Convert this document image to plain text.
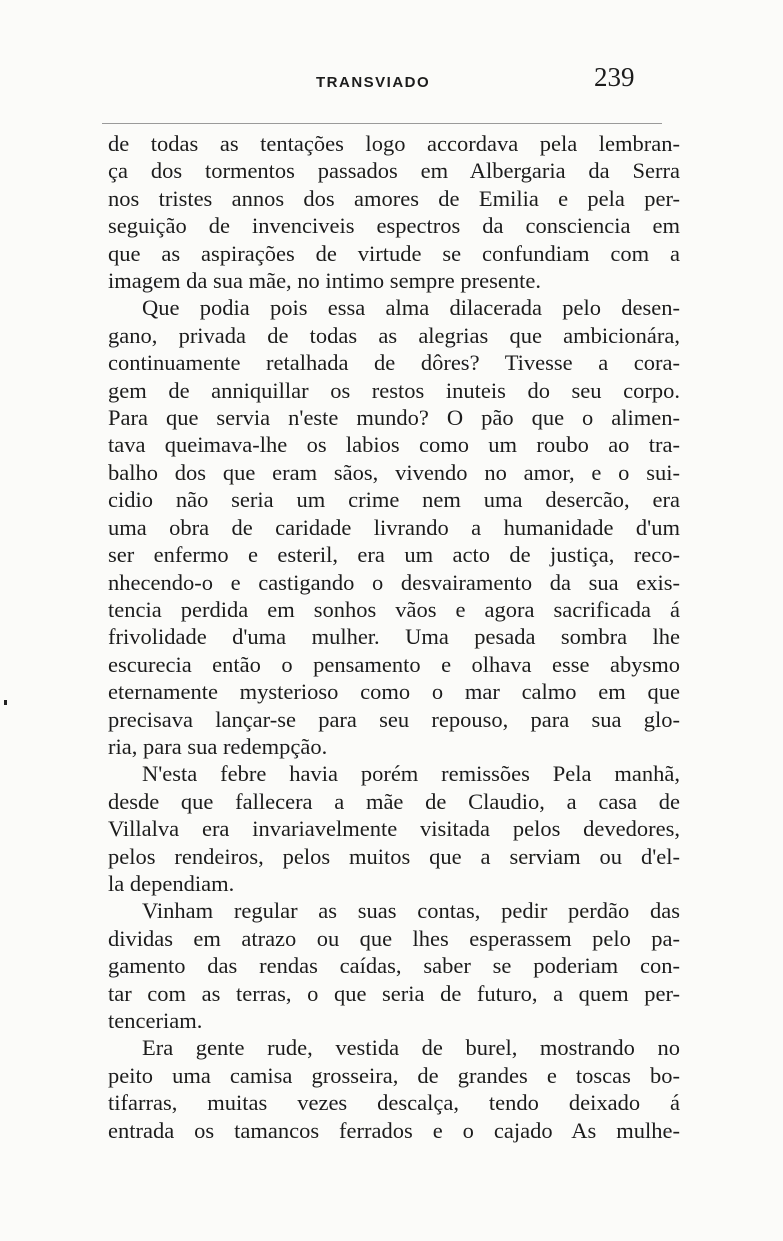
TRANSVIADO	239
de todas as tentações logo accordava pela lembran-
ça dos tormentos passados em Albergaria da Serra
nos tristes annos dos amores de Emilia e pela per-
seguição de invenciveis espectros da consciencia em
que as aspirações de virtude se confundiam com a
imagem da sua mãe, no intimo sempre presente.
Que podia pois essa alma dilacerada pelo desen-
gano, privada de todas as alegrias que ambicionára,
continuamente retalhada de dôres? Tivesse a cora-
gem de anniquillar os restos inuteis do seu corpo.
Para que servia n'este mundo? O pão que o alimen-
tava queimava-lhe os labios como um roubo ao tra-
balho dos que eram sãos, vivendo no amor, e o sui-
cidio não seria um crime nem uma desercão, era
uma obra de caridade livrando a humanidade d'um
ser enfermo e esteril, era um acto de justiça, reco-
nhecendo-o e castigando o desvairamento da sua exis-
tencia perdida em sonhos vãos e agora sacrificada á
frivolidade d'uma mulher. Uma pesada sombra lhe
escurecia então o pensamento e olhava esse abysmo
eternamente mysterioso como o mar calmo em que
precisava lançar-se para seu repouso, para sua glo-
ria, para sua redempção.
N'esta febre havia porém remissões Pela manhã,
desde que fallecera a mãe de Claudio, a casa de
Villalva era invariavelmente visitada pelos devedores,
pelos rendeiros, pelos muitos que a serviam ou d'el-
la dependiam.
Vinham regular as suas contas, pedir perdão das
dividas em atrazo ou que lhes esperassem pelo pa-
gamento das rendas caídas, saber se poderiam con-
tar com as terras, o que seria de futuro, a quem per-
tenceriam.
Era gente rude, vestida de burel, mostrando no
peito uma camisa grosseira, de grandes e toscas bo-
tifarras, muitas vezes descalça, tendo deixado á
entrada os tamancos ferrados e o cajado As mulhe-
